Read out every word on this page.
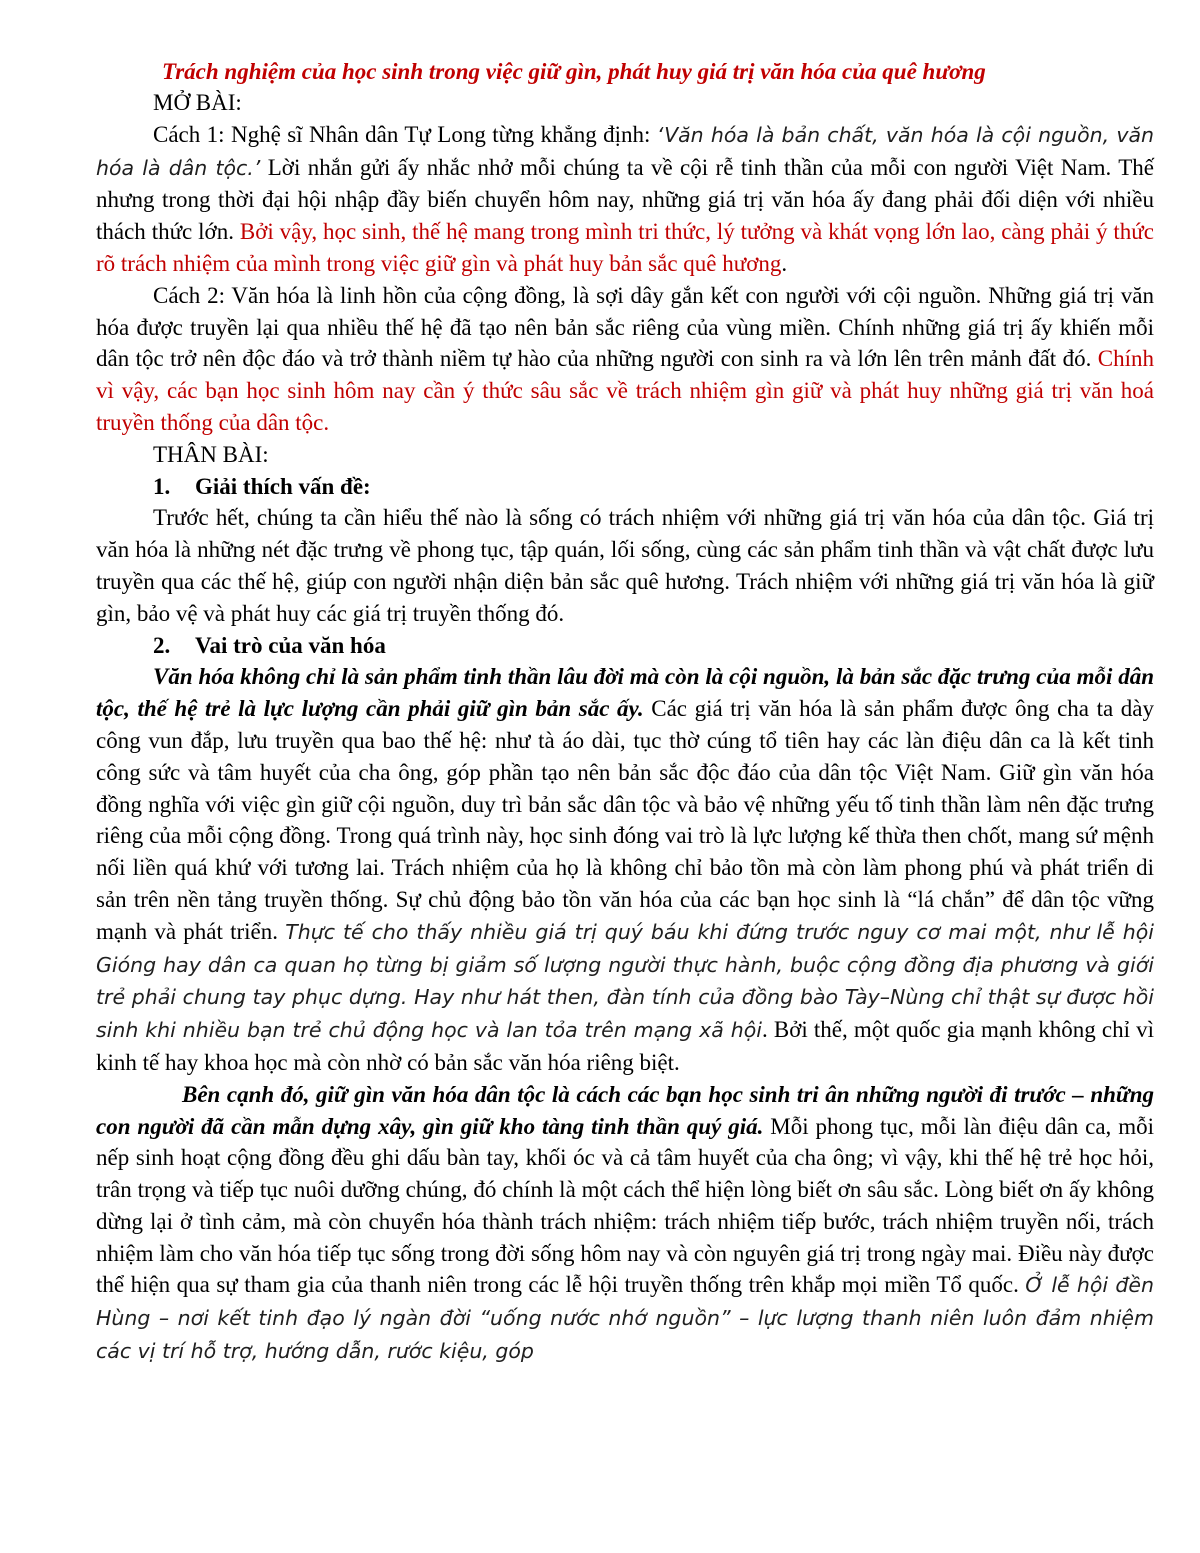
Trách nghiệm của học sinh trong việc giữ gìn, phát huy giá trị văn hóa của quê hương
MỞ BÀI:

Cách 1: Nghệ sĩ Nhân dân Tự Long từng khẳng định: ‘Văn hóa là bản chất, văn hóa là cội nguồn, văn hóa là dân tộc.’ Lời nhắn gửi ấy nhắc nhở mỗi chúng ta về cội rễ tinh thần của mỗi con người Việt Nam. Thế nhưng trong thời đại hội nhập đầy biến chuyển hôm nay, những giá trị văn hóa ấy đang phải đối diện với nhiều thách thức lớn. Bởi vậy, học sinh, thế hệ mang trong mình tri thức, lý tưởng và khát vọng lớn lao, càng phải ý thức rõ trách nhiệm của mình trong việc giữ gìn và phát huy bản sắc quê hương.

Cách 2: Văn hóa là linh hồn của cộng đồng, là sợi dây gắn kết con người với cội nguồn. Những giá trị văn hóa được truyền lại qua nhiều thế hệ đã tạo nên bản sắc riêng của vùng miền. Chính những giá trị ấy khiến mỗi dân tộc trở nên độc đáo và trở thành niềm tự hào của những người con sinh ra và lớn lên trên mảnh đất đó. Chính vì vậy, các bạn học sinh hôm nay cần ý thức sâu sắc về trách nhiệm gìn giữ và phát huy những giá trị văn hoá truyền thống của dân tộc.

THÂN BÀI:
1. Giải thích vấn đề:

Trước hết, chúng ta cần hiểu thế nào là sống có trách nhiệm với những giá trị văn hóa của dân tộc. Giá trị văn hóa là những nét đặc trưng về phong tục, tập quán, lối sống, cùng các sản phẩm tinh thần và vật chất được lưu truyền qua các thế hệ, giúp con người nhận diện bản sắc quê hương. Trách nhiệm với những giá trị văn hóa là giữ gìn, bảo vệ và phát huy các giá trị truyền thống đó.

2. Vai trò của văn hóa

Văn hóa không chỉ là sản phẩm tinh thần lâu đời mà còn là cội nguồn, là bản sắc đặc trưng của mỗi dân tộc, thế hệ trẻ là lực lượng cần phải giữ gìn bản sắc ấy. Các giá trị văn hóa là sản phẩm được ông cha ta dày công vun đắp, lưu truyền qua bao thế hệ: như tà áo dài, tục thờ cúng tổ tiên hay các làn điệu dân ca là kết tinh công sức và tâm huyết của cha ông, góp phần tạo nên bản sắc độc đáo của dân tộc Việt Nam. Giữ gìn văn hóa đồng nghĩa với việc gìn giữ cội nguồn, duy trì bản sắc dân tộc và bảo vệ những yếu tố tinh thần làm nên đặc trưng riêng của mỗi cộng đồng. Trong quá trình này, học sinh đóng vai trò là lực lượng kế thừa then chốt, mang sứ mệnh nối liền quá khứ với tương lai. Trách nhiệm của họ là không chỉ bảo tồn mà còn làm phong phú và phát triển di sản trên nền tảng truyền thống. Sự chủ động bảo tồn văn hóa của các bạn học sinh là “lá chắn” để dân tộc vững mạnh và phát triển. Thực tế cho thấy nhiều giá trị quý báu khi đứng trước nguy cơ mai một, như lễ hội Gióng hay dân ca quan họ từng bị giảm số lượng người thực hành, buộc cộng đồng địa phương và giới trẻ phải chung tay phục dựng. Hay như hát then, đàn tính của đồng bào Tày–Nùng chỉ thật sự được hồi sinh khi nhiều bạn trẻ chủ động học và lan tỏa trên mạng xã hội. Bởi thế, một quốc gia mạnh không chỉ vì kinh tế hay khoa học mà còn nhờ có bản sắc văn hóa riêng biệt.

Bên cạnh đó, giữ gìn văn hóa dân tộc là cách các bạn học sinh tri ân những người đi trước – những con người đã cần mẫn dựng xây, gìn giữ kho tàng tinh thần quý giá. Mỗi phong tục, mỗi làn điệu dân ca, mỗi nếp sinh hoạt cộng đồng đều ghi dấu bàn tay, khối óc và cả tâm huyết của cha ông; vì vậy, khi thế hệ trẻ học hỏi, trân trọng và tiếp tục nuôi dưỡng chúng, đó chính là một cách thể hiện lòng biết ơn sâu sắc. Lòng biết ơn ấy không dừng lại ở tình cảm, mà còn chuyển hóa thành trách nhiệm: trách nhiệm tiếp bước, trách nhiệm truyền nối, trách nhiệm làm cho văn hóa tiếp tục sống trong đời sống hôm nay và còn nguyên giá trị trong ngày mai. Điều này được thể hiện qua sự tham gia của thanh niên trong các lễ hội truyền thống trên khắp mọi miền Tổ quốc. Ở lễ hội đền Hùng – nơi kết tinh đạo lý ngàn đời “uống nước nhớ nguồn” – lực lượng thanh niên luôn đảm nhiệm các vị trí hỗ trợ, hướng dẫn, rước kiệu, góp
